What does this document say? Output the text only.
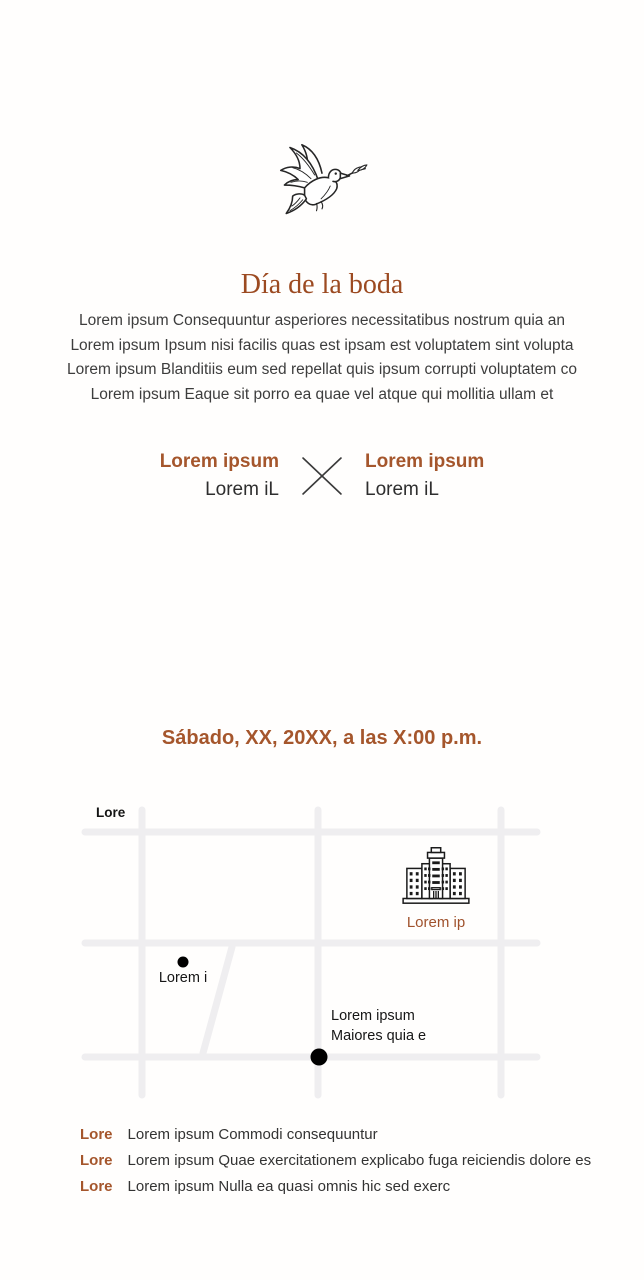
Día de la boda
Lorem ipsum Consequuntur asperiores necessitatibus nostrum quia an
Lorem ipsum Ipsum nisi facilis quas est ipsam est voluptatem sint volupta
Lorem ipsum Blanditiis eum sed repellat quis ipsum corrupti voluptatem co
Lorem ipsum Eaque sit porro ea quae vel atque qui mollitia ullam et
Lorem ipsum
Lorem iL
Lorem ipsum
Lorem iL
Sábado, XX, 20XX, a las X:00 p.m.
Lore
Lorem ip
Lorem i
Lorem ipsum
Maiores quia e
Lore Lorem ipsum Commodi consequuntur
Lore Lorem ipsum Quae exercitationem explicabo fuga reiciendis dolore es
Lore Lorem ipsum Nulla ea quasi omnis hic sed exerc
